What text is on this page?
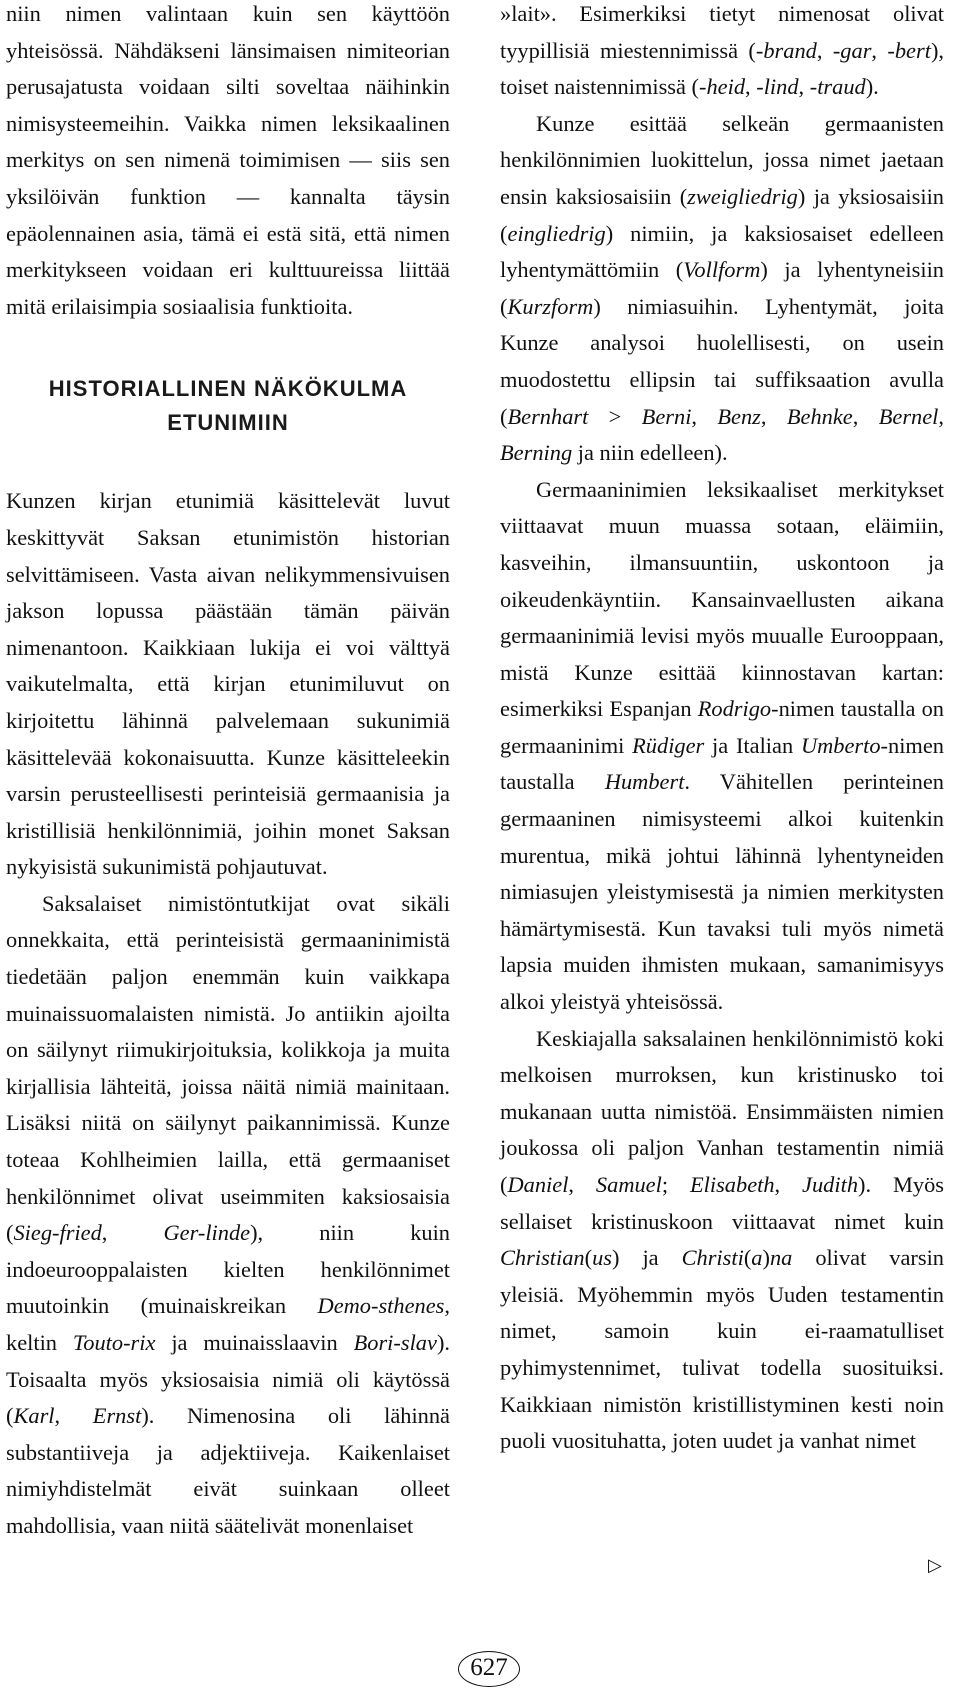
niin nimen valintaan kuin sen käyttöön yhteisössä. Nähdäkseni länsimaisen nimiteorian perusajatusta voidaan silti soveltaa näihinkin nimisysteemeihin. Vaikka nimen leksikaalinen merkitys on sen nimenä toimimisen — siis sen yksilöivän funktion — kannalta täysin epäolennainen asia, tämä ei estä sitä, että nimen merkitykseen voidaan eri kulttuureissa liittää mitä erilaisimpia sosiaalisia funktioita.

HISTORIALLINEN NÄKÖKULMA
ETUNIMIIN

Kunzen kirjan etunimiä käsittelevät luvut keskittyvät Saksan etunimistön historian selvittämiseen. Vasta aivan nelikymmensivuisen jakson lopussa päästään tämän päivän nimenantoon. Kaikkiaan lukija ei voi välttyä vaikutelmalta, että kirjan etunimiluvut on kirjoitettu lähinnä palvelemaan sukunimiä käsittelevää kokonaisuutta. Kunze käsitteleekin varsin perusteellisesti perinteisiä germaanisia ja kristillisiä henkilönnimiä, joihin monet Saksan nykyisistä sukunimistä pohjautuvat.

Saksalaiset nimistöntutkijat ovat sikäli onnekkaita, että perinteisistä germaaninimistä tiedetään paljon enemmän kuin vaikkapa muinaissuomalaisten nimistä. Jo antiikin ajoilta on säilynyt riimukirjoituksia, kolikkoja ja muita kirjallisia lähteitä, joissa näitä nimiä mainitaan. Lisäksi niitä on säilynyt paikannimissä. Kunze toteaa Kohlheimien lailla, että germaaniset henkilönnimet olivat useimmiten kaksiosaisia (Sieg-fried, Ger-linde), niin kuin indoeurooppalaisten kielten henkilönnimet muutoinkin (muinaiskreikan Demo-sthenes, keltin Touto-rix ja muinaisslaavin Bori-slav). Toisaalta myös yksiosaisia nimiä oli käytössä (Karl, Ernst). Nimenosina oli lähinnä substantiiveja ja adjektiiveja. Kaikenlaiset nimiyhdistelmät eivät suinkaan olleet mahdollisia, vaan niitä säätelivät monenlaiset

»lait». Esimerkiksi tietyt nimenosat olivat tyypillisiä miestennimissä (-brand, -gar, -bert), toiset naistennimissä (-heid, -lind, -traud).

Kunze esittää selkeän germaanisten henkilönnimien luokittelun, jossa nimet jaetaan ensin kaksiosaisiin (zweigliedrig) ja yksiosaisiin (eingliedrig) nimiin, ja kaksiosaiset edelleen lyhentymättömiin (Vollform) ja lyhentyneisiin (Kurzform) nimiasuihin. Lyhentymät, joita Kunze analysoi huolellisesti, on usein muodostettu ellipsin tai suffiksaation avulla (Bernhart > Berni, Benz, Behnke, Bernel, Berning ja niin edelleen).

Germaaninimien leksikaaliset merkitykset viittaavat muun muassa sotaan, eläimiin, kasveihin, ilmansuuntiin, uskontoon ja oikeudenkäyntiin. Kansainvaellusten aikana germaaninimiä levisi myös muualle Eurooppaan, mistä Kunze esittää kiinnostavan kartan: esimerkiksi Espanjan Rodrigo-nimen taustalla on germaaninimi Rüdiger ja Italian Umberto-nimen taustalla Humbert. Vähitellen perinteinen germaaninen nimisysteemi alkoi kuitenkin murentua, mikä johtui lähinnä lyhentyneiden nimiasujen yleistymisestä ja nimien merkitysten hämärtymisestä. Kun tavaksi tuli myös nimetä lapsia muiden ihmisten mukaan, samanimisyys alkoi yleistyä yhteisössä.

Keskiajalla saksalainen henkilönnimistö koki melkoisen murroksen, kun kristinusko toi mukanaan uutta nimistöä. Ensimmäisten nimien joukossa oli paljon Vanhan testamentin nimiä (Daniel, Samuel; Elisabeth, Judith). Myös sellaiset kristinuskoon viittaavat nimet kuin Christian(us) ja Christi(a)na olivat varsin yleisiä. Myöhemmin myös Uuden testamentin nimet, samoin kuin ei-raamatulliset pyhimystennimet, tulivat todella suosituiksi. Kaikkiaan nimistön kristillistyminen kesti noin puoli vuosituhatta, joten uudet ja vanhat nimet

▷
627
